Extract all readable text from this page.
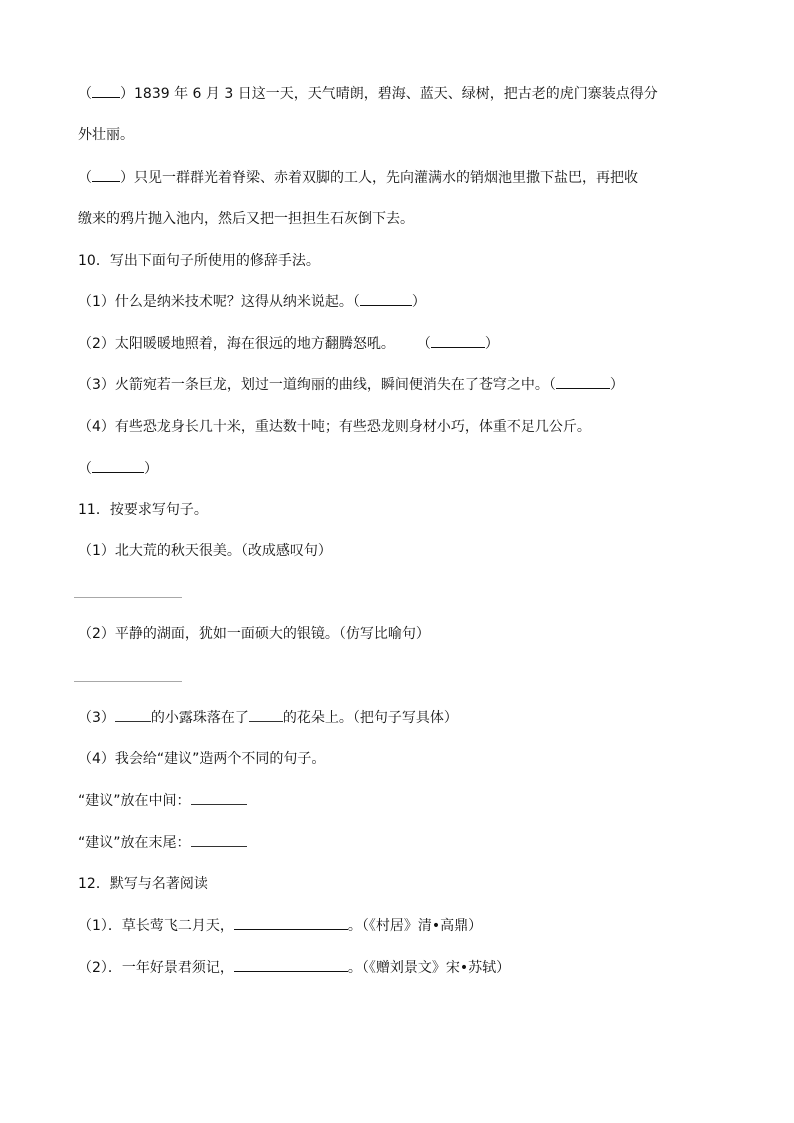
（ ）1839 年 6 月 3 日这一天，天气晴朗，碧海、蓝天、绿树，把古老的虎门寨装点得分
外壮丽。
（ ）只见一群群光着脊梁、赤着双脚的工人，先向灌满水的销烟池里撒下盐巴，再把收
缴来的鸦片抛入池内，然后又把一担担生石灰倒下去。
10．写出下面句子所使用的修辞手法。
（1）什么是纳米技术呢？这得从纳米说起。（	）
（2）太阳暖暖地照着，海在很远的地方翻腾怒吼。 （	）
（3）火箭宛若一条巨龙，划过一道绚丽的曲线，瞬间便消失在了苍穹之中。（	）
（4）有些恐龙身长几十米，重达数十吨；有些恐龙则身材小巧，体重不足几公斤。
（	）
11．按要求写句子。
（1）北大荒的秋天很美。（改成感叹句）
（2）平静的湖面，犹如一面硕大的银镜。（仿写比喻句）
（3）	的小露珠落在了 的花朵上。（把句子写具体）
（4）我会给“建议”造两个不同的句子。
“建议”放在中间：
“建议”放在末尾：
12．默写与名著阅读
（1）．草长莺飞二月天，	。（《村居》清•高鼎）
（2）．一年好景君须记，	。（《赠刘景文》宋•苏轼）
